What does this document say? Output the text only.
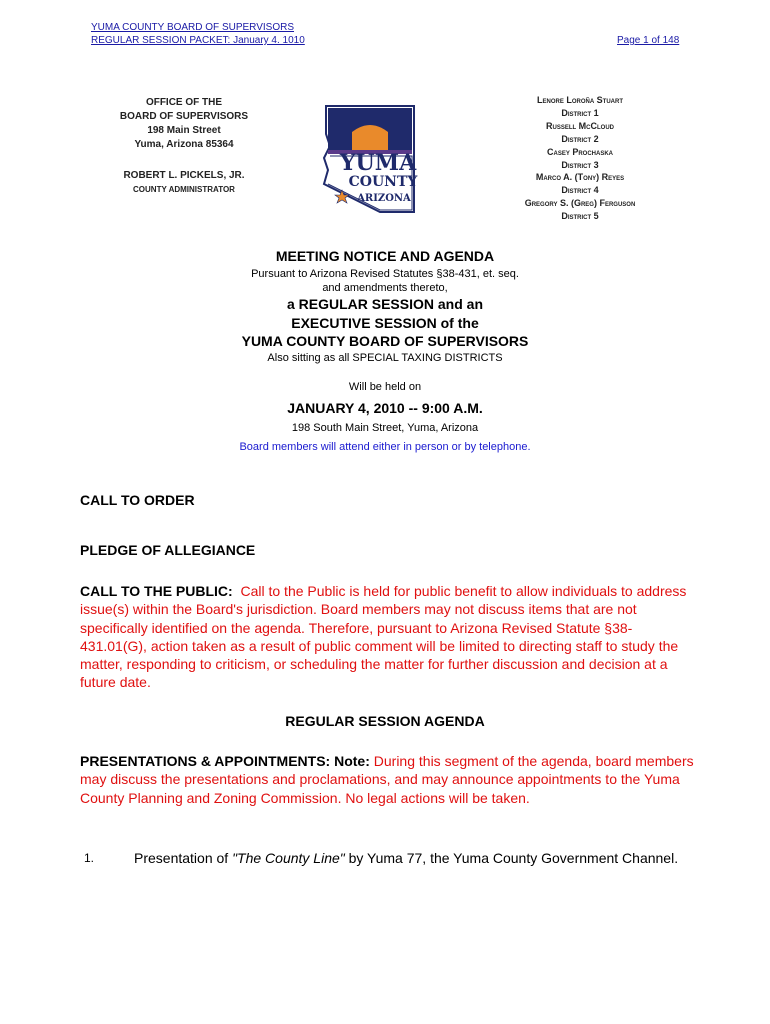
YUMA COUNTY BOARD OF SUPERVISORS
REGULAR SESSION PACKET: January 4. 1010	Page 1 of 148
OFFICE OF THE
BOARD OF SUPERVISORS
198 Main Street
Yuma, Arizona 85364
ROBERT L. PICKELS, JR.
COUNTY ADMINISTRATOR
YUMA
COUNTY
ARIZONA
Lenore Loroña Stuart
District 1
Russell McCloud
District 2
Casey Prochaska
District 3
Marco A. (Tony) Reyes
District 4
Gregory S. (Greg) Ferguson
District 5
MEETING NOTICE AND AGENDA
Pursuant to Arizona Revised Statutes §38-431, et. seq.
and amendments thereto,
a REGULAR SESSION and an
EXECUTIVE SESSION of the
YUMA COUNTY BOARD OF SUPERVISORS
Also sitting as all SPECIAL TAXING DISTRICTS
Will be held on
JANUARY 4, 2010 -- 9:00 A.M.
198 South Main Street, Yuma, Arizona
Board members will attend either in person or by telephone.
CALL TO ORDER
PLEDGE OF ALLEGIANCE
CALL TO THE PUBLIC: Call to the Public is held for public benefit to allow individuals to address issue(s) within the Board's jurisdiction. Board members may not discuss items that are not specifically identified on the agenda. Therefore, pursuant to Arizona Revised Statute §38-431.01(G), action taken as a result of public comment will be limited to directing staff to study the matter, responding to criticism, or scheduling the matter for further discussion and decision at a future date.
REGULAR SESSION AGENDA
PRESENTATIONS & APPOINTMENTS: Note: During this segment of the agenda, board members may discuss the presentations and proclamations, and may announce appointments to the Yuma County Planning and Zoning Commission. No legal actions will be taken.
1.	Presentation of "The County Line" by Yuma 77, the Yuma County Government Channel.
